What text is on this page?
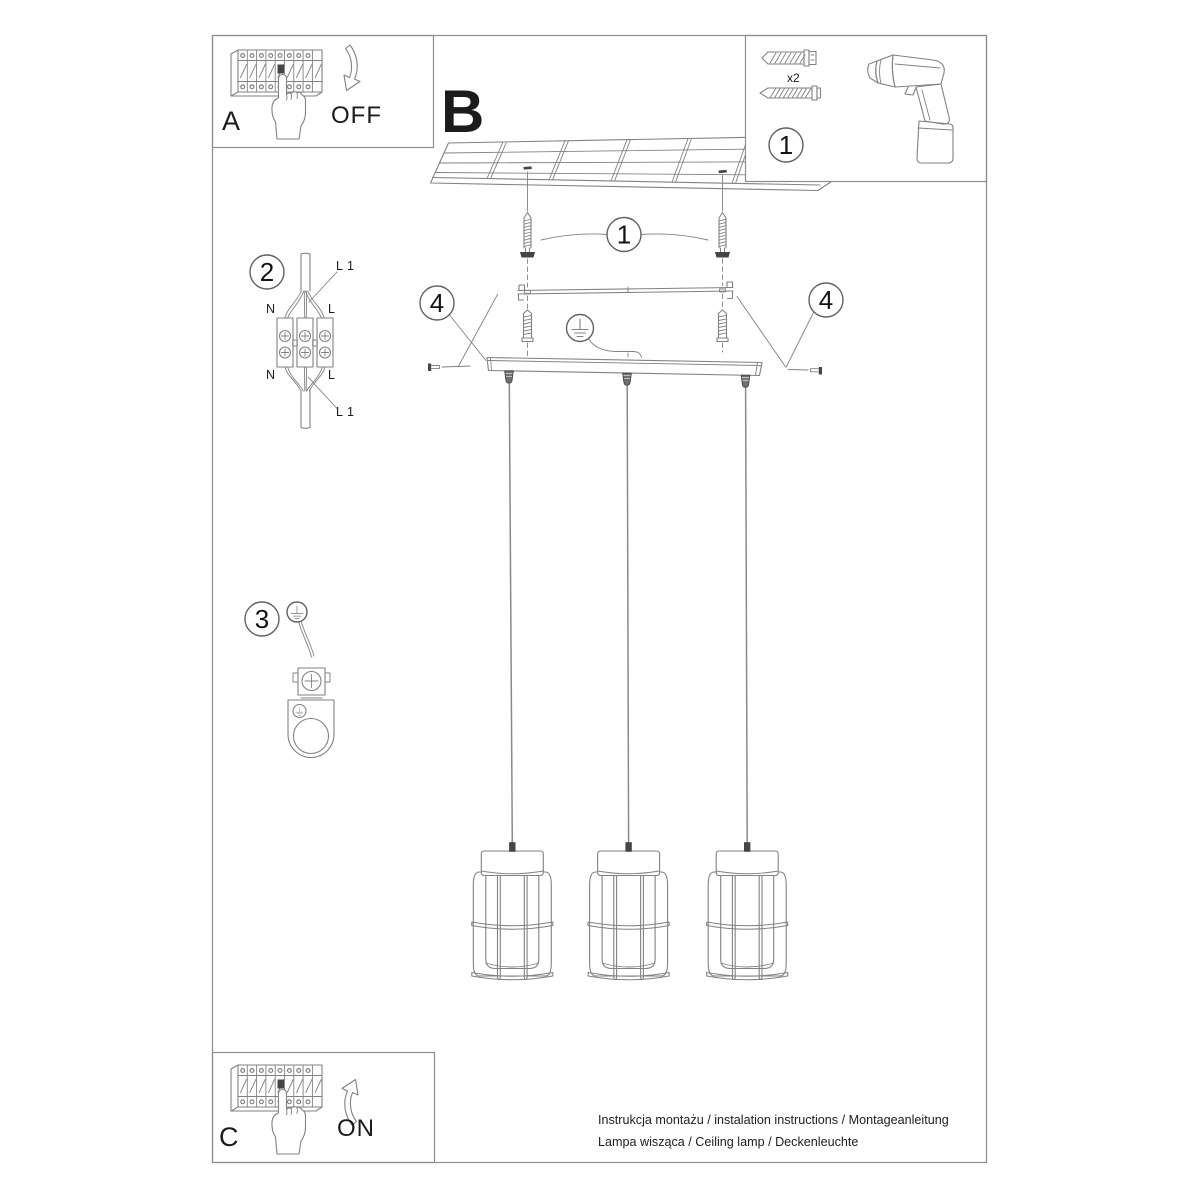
1
1
4	4
2
3
B
A	OFF
C	ON
x2
L 1
N	L
N	L
L 1
Instrukcja montażu / instalation instructions / Montageanleitung
Lampa wisząca / Ceiling lamp / Deckenleuchte
